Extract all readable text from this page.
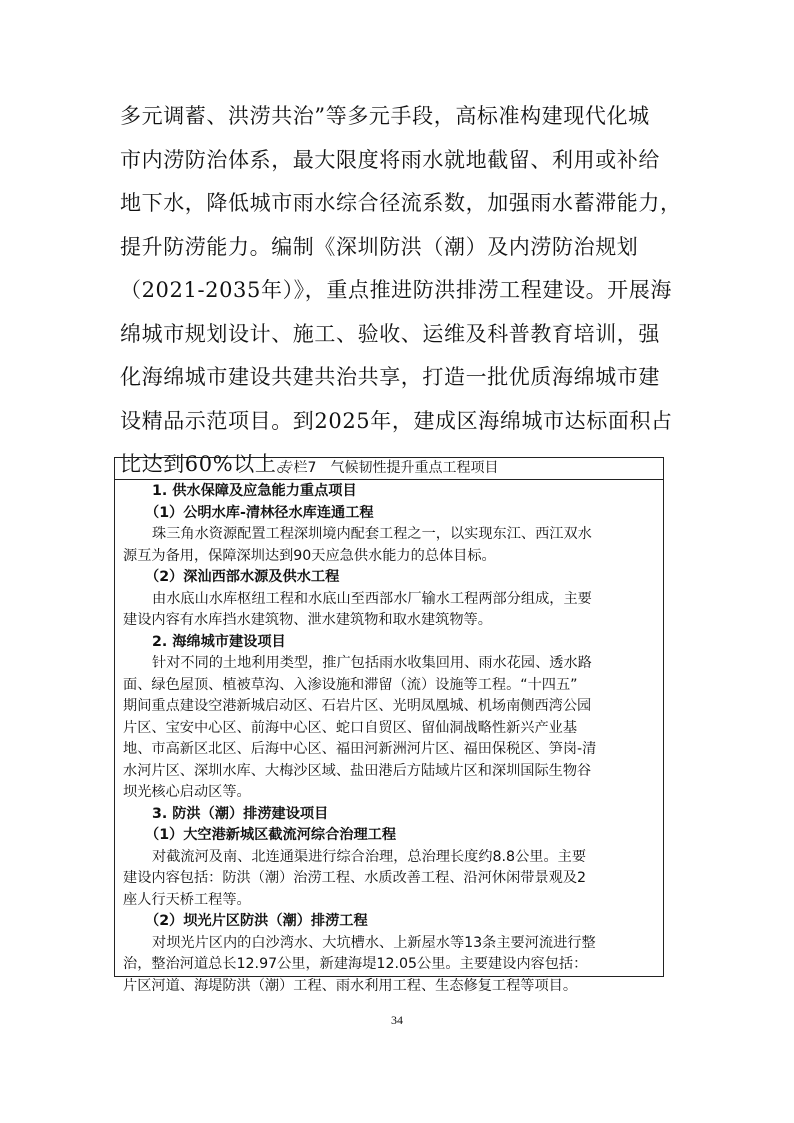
多元调蓄、洪涝共治”等多元手段，高标准构建现代化城
市内涝防治体系，最大限度将雨水就地截留、利用或补给
地下水，降低城市雨水综合径流系数，加强雨水蓄滞能力，
提升防涝能力。编制《深圳防洪（潮）及内涝防治规划
（2021-2035年）》，重点推进防洪排涝工程建设。开展海
绵城市规划设计、施工、验收、运维及科普教育培训，强
化海绵城市建设共建共治共享，打造一批优质海绵城市建
设精品示范项目。到2025年，建成区海绵城市达标面积占
比达到60%以上。
专栏7　气候韧性提升重点工程项目
1. 供水保障及应急能力重点项目
（1）公明水库-清林径水库连通工程
珠三角水资源配置工程深圳境内配套工程之一，以实现东江、西江双水
源互为备用，保障深圳达到90天应急供水能力的总体目标。
（2）深汕西部水源及供水工程
由水底山水库枢纽工程和水底山至西部水厂输水工程两部分组成，主要
建设内容有水库挡水建筑物、泄水建筑物和取水建筑物等。
2. 海绵城市建设项目
针对不同的土地利用类型，推广包括雨水收集回用、雨水花园、透水路
面、绿色屋顶、植被草沟、入渗设施和滞留（流）设施等工程。“十四五”
期间重点建设空港新城启动区、石岩片区、光明凤凰城、机场南侧西湾公园
片区、宝安中心区、前海中心区、蛇口自贸区、留仙洞战略性新兴产业基
地、市高新区北区、后海中心区、福田河新洲河片区、福田保税区、笋岗-清
水河片区、深圳水库、大梅沙区域、盐田港后方陆域片区和深圳国际生物谷
坝光核心启动区等。
3. 防洪（潮）排涝建设项目
（1）大空港新城区截流河综合治理工程
对截流河及南、北连通渠进行综合治理，总治理长度约8.8公里。主要
建设内容包括：防洪（潮）治涝工程、水质改善工程、沿河休闲带景观及2
座人行天桥工程等。
（2）坝光片区防洪（潮）排涝工程
对坝光片区内的白沙湾水、大坑槽水、上新屋水等13条主要河流进行整
治，整治河道总长12.97公里，新建海堤12.05公里。主要建设内容包括：
片区河道、海堤防洪（潮）工程、雨水利用工程、生态修复工程等项目。
34
